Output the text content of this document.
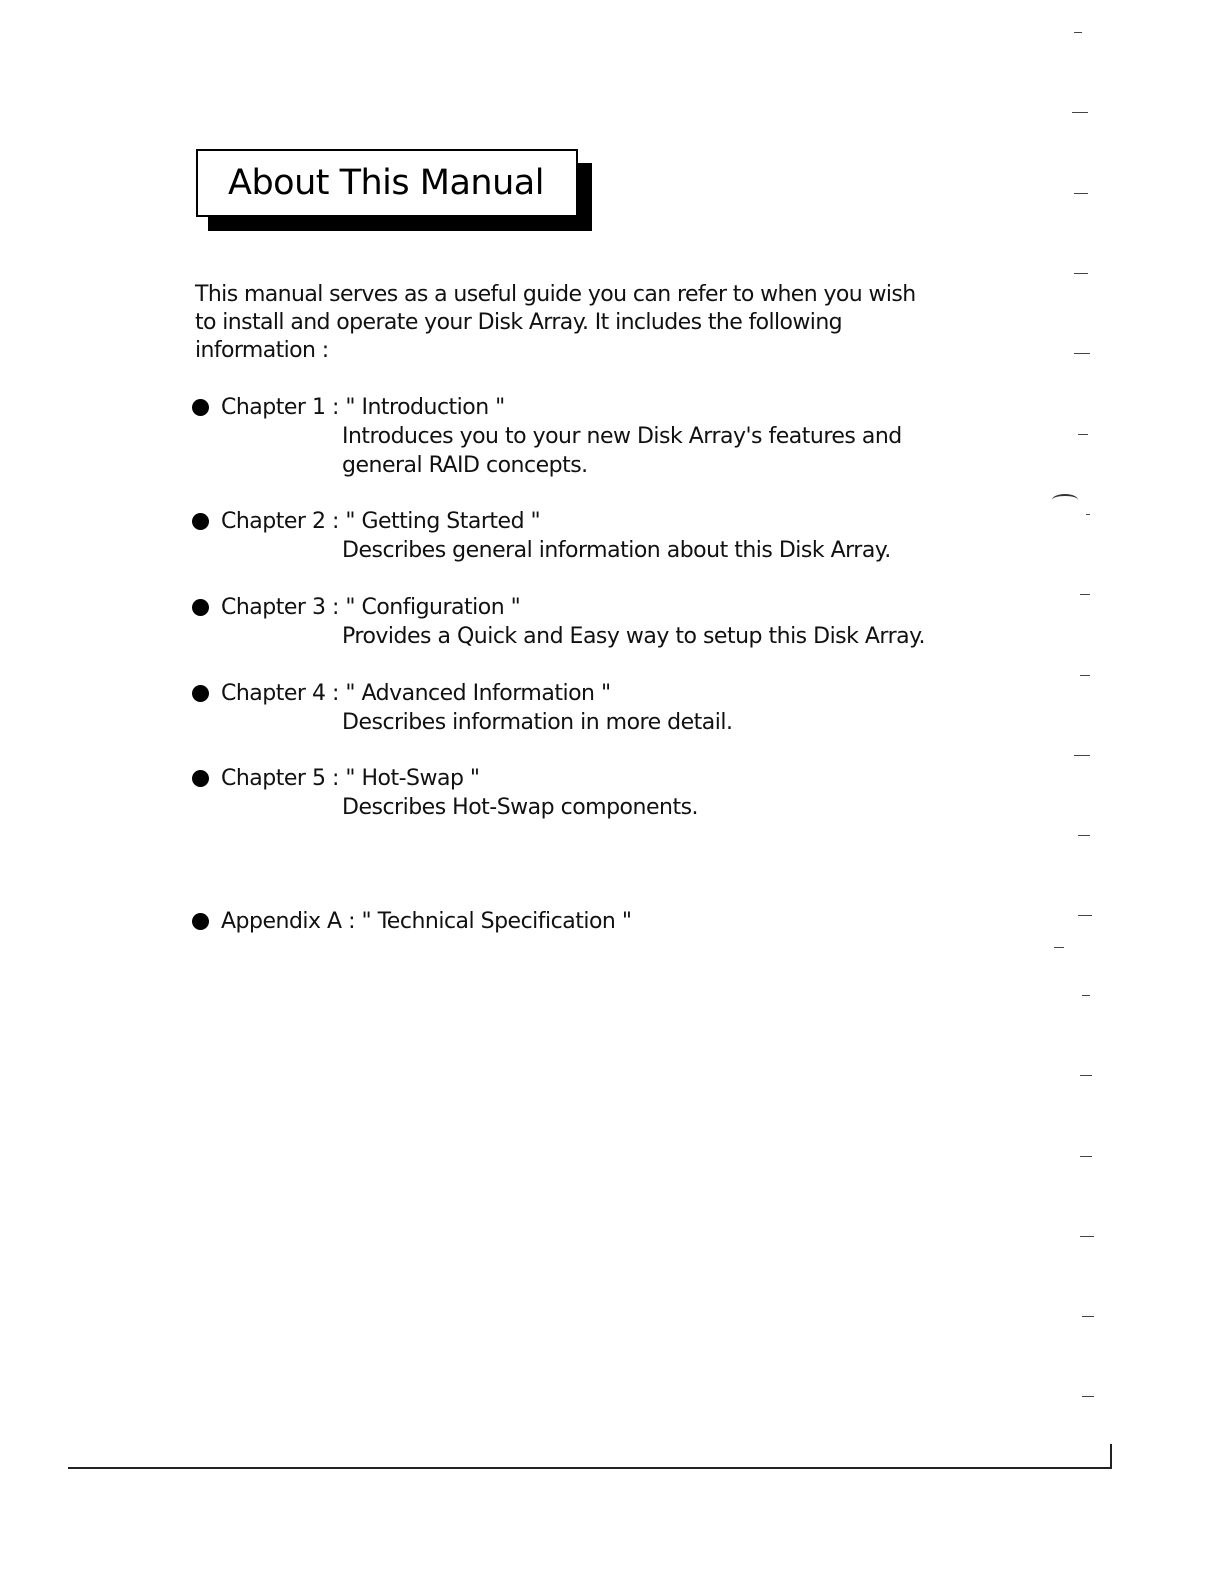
About This Manual
This manual serves as a useful guide you can refer to when you wish
to install and operate your Disk Array. It includes the following
information :
Chapter 1 : " Introduction "
Introduces you to your new Disk Array's features and
general RAID concepts.
Chapter 2 : " Getting Started "
Describes general information about this Disk Array.
Chapter 3 : " Configuration "
Provides a Quick and Easy way to setup this Disk Array.
Chapter 4 : " Advanced Information "
Describes information in more detail.
Chapter 5 : " Hot-Swap "
Describes Hot-Swap components.
Appendix A : " Technical Specification "
